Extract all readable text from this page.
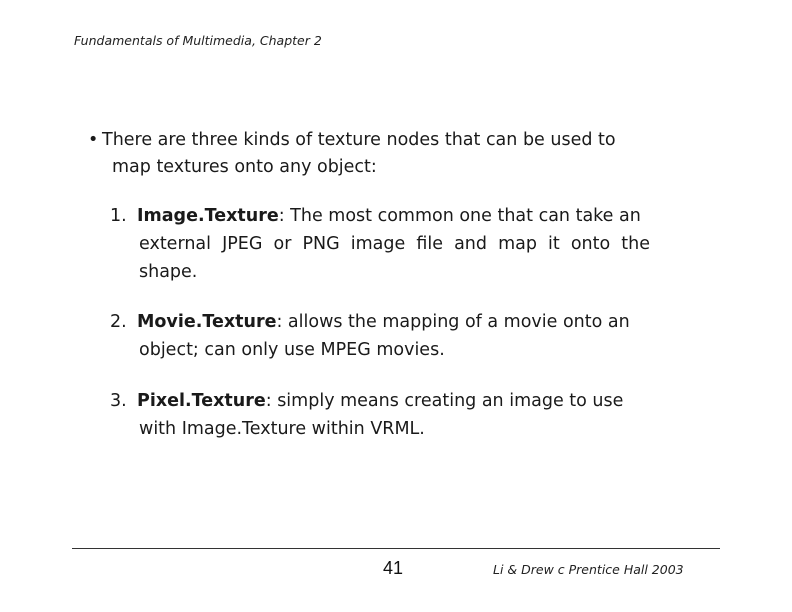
Fundamentals of Multimedia, Chapter 2
• There are three kinds of texture nodes that can be used to
map textures onto any object:
1. Image.Texture: The most common one that can take an
external JPEG or PNG image file and map it onto the
shape.
2. Movie.Texture: allows the mapping of a movie onto an
object; can only use MPEG movies.
3. Pixel.Texture: simply means creating an image to use
with Image.Texture within VRML.
41	Li & Drew c Prentice Hall 2003
